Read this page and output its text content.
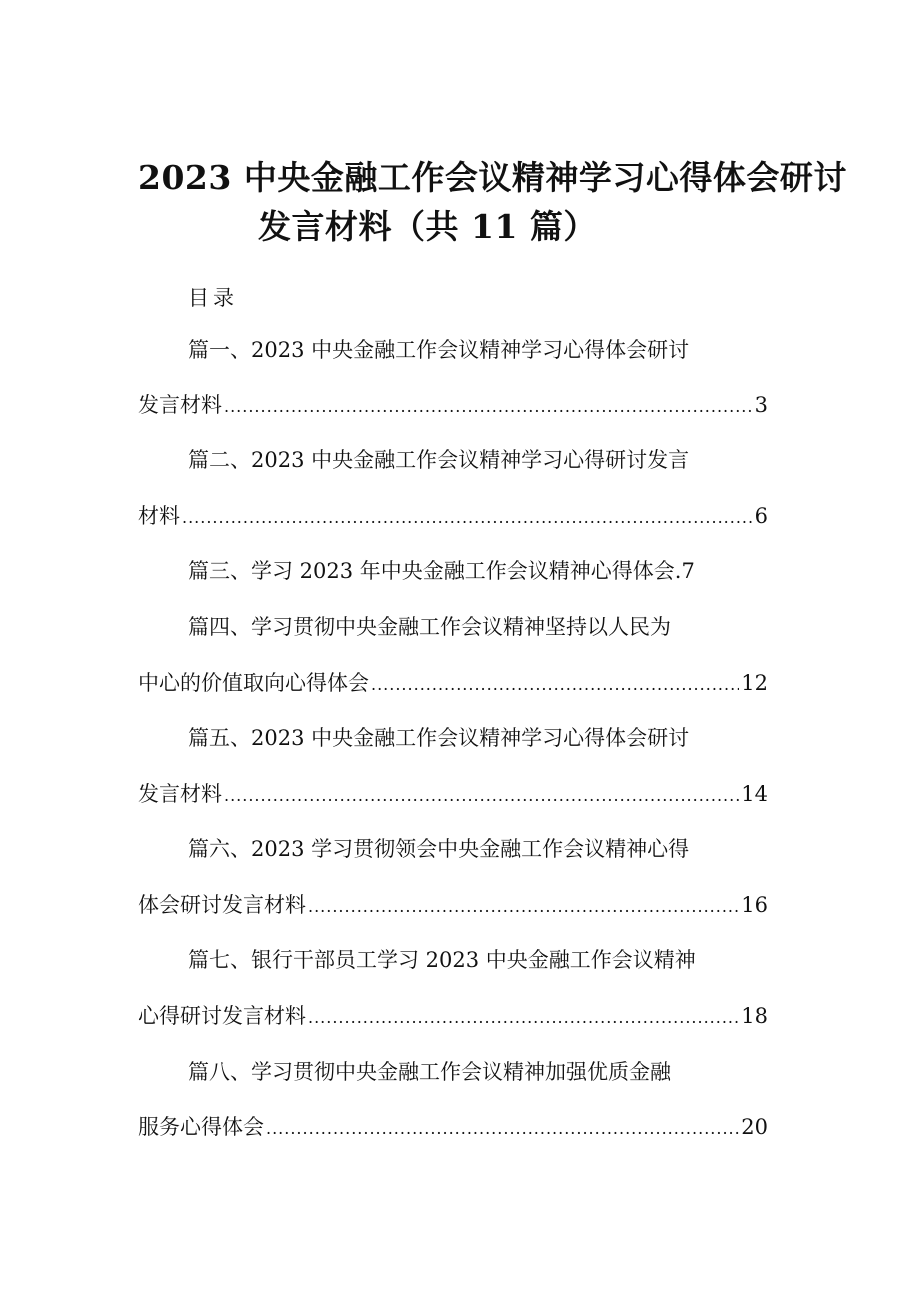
2023 中央金融工作会议精神学习心得体会研讨
发言材料（共 11 篇）
目录
篇一、2023 中央金融工作会议精神学习心得体会研讨
发言材料 .....	3
篇二、2023 中央金融工作会议精神学习心得研讨发言
材料 .....	6
篇三、学习 2023 年中央金融工作会议精神心得体会.7
篇四、学习贯彻中央金融工作会议精神坚持以人民为
中心的价值取向心得体会 .....	12
篇五、2023 中央金融工作会议精神学习心得体会研讨
发言材料 .....	14
篇六、2023 学习贯彻领会中央金融工作会议精神心得
体会研讨发言材料 .....	16
篇七、银行干部员工学习 2023 中央金融工作会议精神
心得研讨发言材料 .....	18
篇八、学习贯彻中央金融工作会议精神加强优质金融
服务心得体会 .....	20
